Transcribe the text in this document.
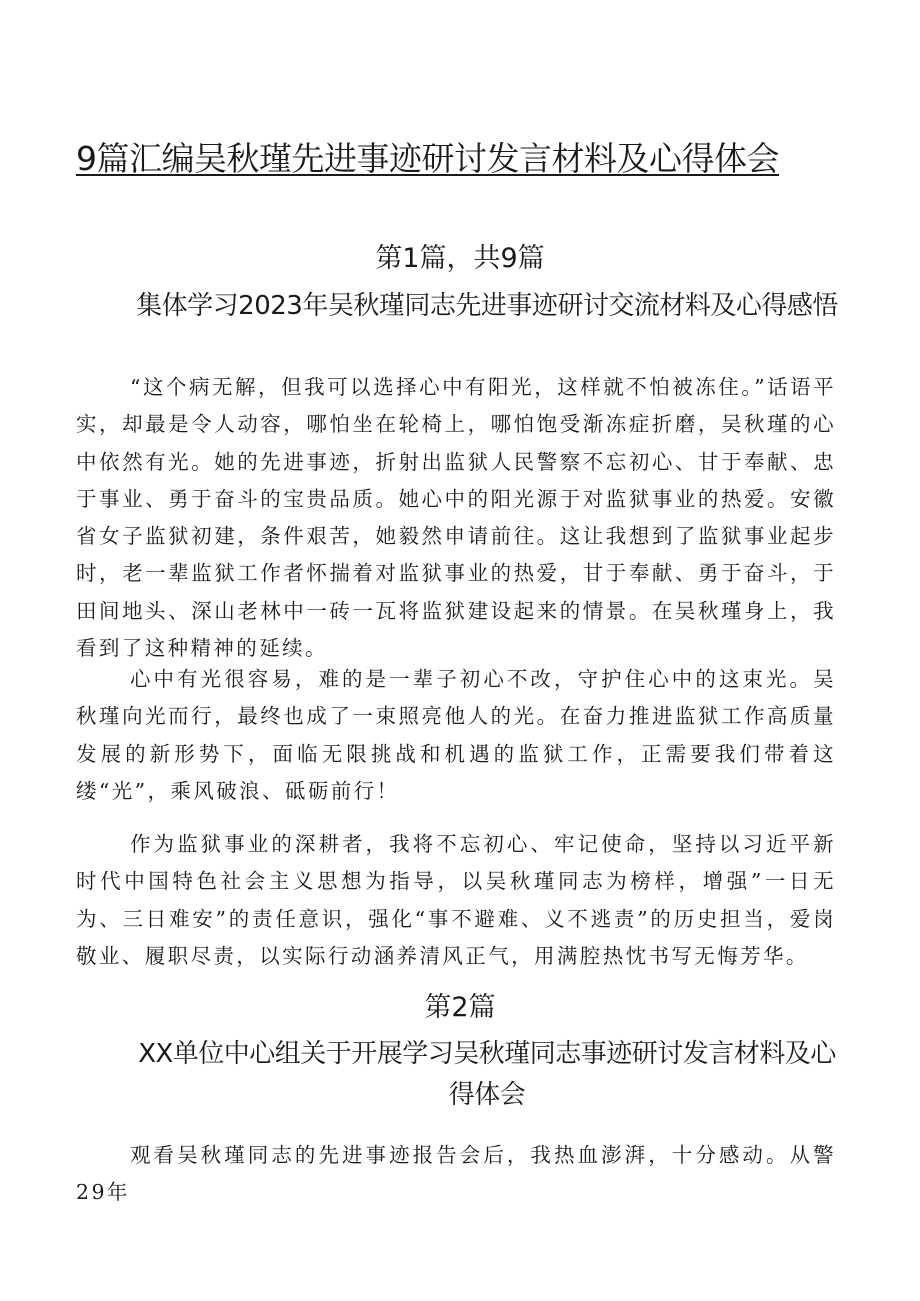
9篇汇编吴秋瑾先进事迹研讨发言材料及心得体会
第1篇，共9篇
集体学习2023年吴秋瑾同志先进事迹研讨交流材料及心得感悟

“这个病无解，但我可以选择心中有阳光，这样就不怕被冻住。”话语平实，却最是令人动容，哪怕坐在轮椅上，哪怕饱受渐冻症折磨，吴秋瑾的心中依然有光。她的先进事迹，折射出监狱人民警察不忘初心、甘于奉献、忠于事业、勇于奋斗的宝贵品质。她心中的阳光源于对监狱事业的热爱。安徽省女子监狱初建，条件艰苦，她毅然申请前往。这让我想到了监狱事业起步时，老一辈监狱工作者怀揣着对监狱事业的热爱，甘于奉献、勇于奋斗，于田间地头、深山老林中一砖一瓦将监狱建设起来的情景。在吴秋瑾身上，我看到了这种精神的延续。

心中有光很容易，难的是一辈子初心不改，守护住心中的这束光。吴秋瑾向光而行，最终也成了一束照亮他人的光。在奋力推进监狱工作高质量发展的新形势下，面临无限挑战和机遇的监狱工作，正需要我们带着这缕“光”，乘风破浪、砥砺前行！

作为监狱事业的深耕者，我将不忘初心、牢记使命，坚持以习近平新时代中国特色社会主义思想为指导，以吴秋瑾同志为榜样，增强”一日无为、三日难安”的责任意识，强化“事不避难、义不逃责”的历史担当，爱岗敬业、履职尽责，以实际行动涵养清风正气，用满腔热忱书写无悔芳华。

第2篇
XX单位中心组关于开展学习吴秋瑾同志事迹研讨发言材料及心得体会

观看吴秋瑾同志的先进事迹报告会后，我热血澎湃，十分感动。从警29年
